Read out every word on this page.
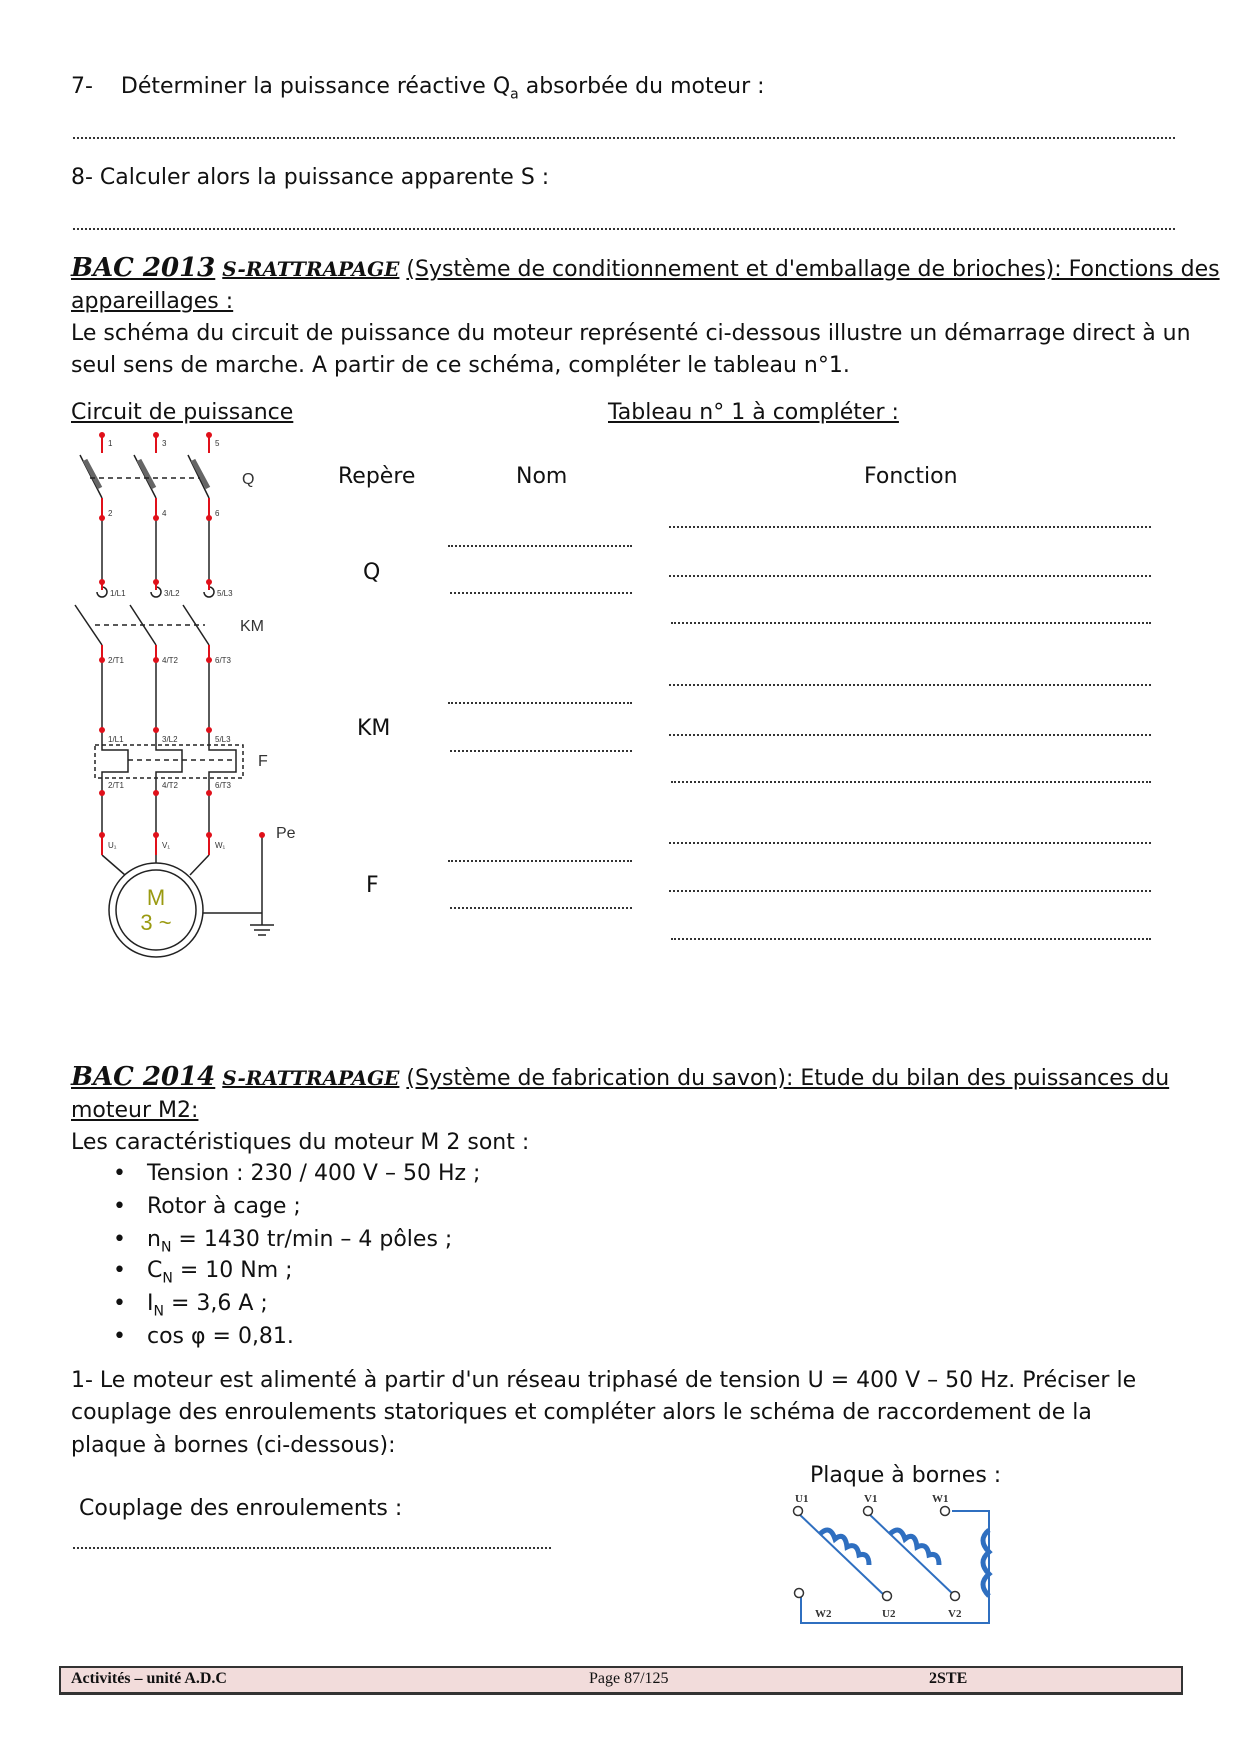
7- Déterminer la puissance réactive $Q_a$ absorbée du moteur :
8- Calculer alors la puissance apparente S :
BAC 2013 S-RATTRAPAGE (Système de conditionnement et d'emballage de brioches): Fonctions des
appareillages :
Le schéma du circuit de puissance du moteur représenté ci-dessous illustre un démarrage direct à un
seul sens de marche. A partir de ce schéma, compléter le tableau n°1.
Circuit de puissance	Tableau n° 1 à compléter :
1	3	5
2	4	6
1/L1	3/L2	5/L3
2/T1	4/T2	6/T3
1/L1	3/L2	5/L3
2/T1	4/T2	6/T3
U₁	V₁	W₁
Q
KM
F
Pe
M
3 ~
Repère	Nom	Fonction
Q
KM
F
BAC 2014 S-RATTRAPAGE (Système de fabrication du savon): Etude du bilan des puissances du
moteur M2:
Les caractéristiques du moteur M 2 sont :
• Tension : 230 / 400 V – 50 Hz ;
• Rotor à cage ;
• $n_N = 1430$ tr/min – 4 pôles ;
• $C_N = 10$ Nm ;
• $I_N = 3,6$ A ;
• cos φ = 0,81.
1- Le moteur est alimenté à partir d'un réseau triphasé de tension U = 400 V – 50 Hz. Préciser le
couplage des enroulements statoriques et compléter alors le schéma de raccordement de la
plaque à bornes (ci-dessous):
Couplage des enroulements :
Plaque à bornes :
U1	V1	W1
W2	U2	V2
Activités – unité A.D.C	Page 87/125	2STE
